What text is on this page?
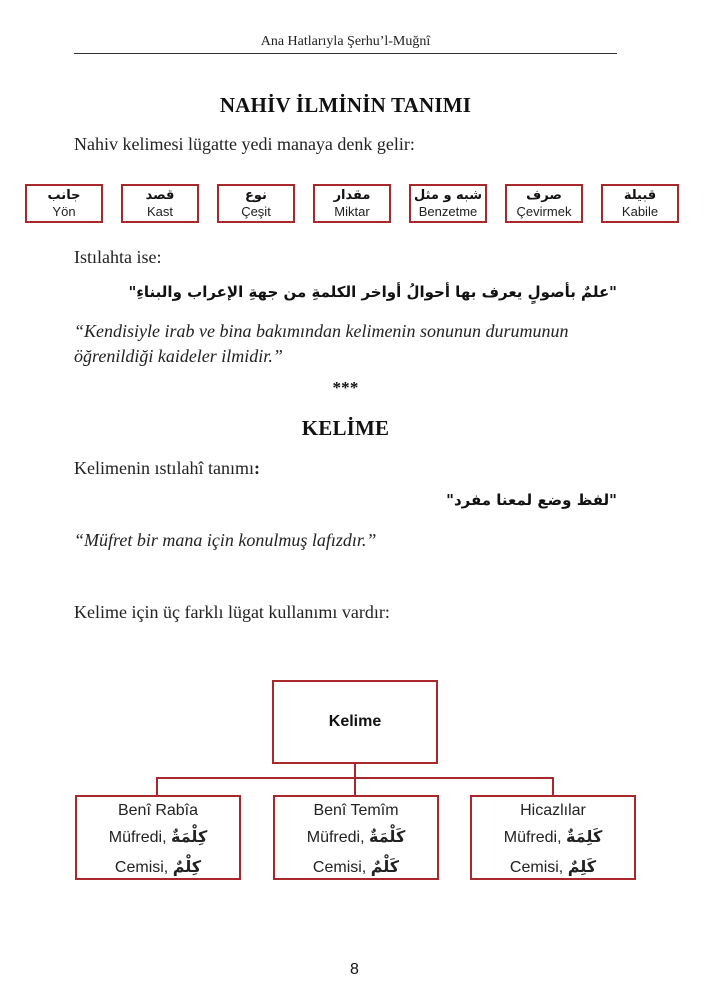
Ana Hatlarıyla Şerhu’l-Muğnî
NAHİV İLMİNİN TANIMI
Nahiv kelimesi lügatte yedi manaya denk gelir:
جانب
Yön
قصد
Kast
نوع
Çeşit
مقدار
Miktar
شبه و مثل
Benzetme
صرف
Çevirmek
قبيلة
Kabile
Istılahta ise:
"علمٌ بأصولٍ يعرف بها أحوالُ أواخر الكلمةِ من جهةِ الإعراب والبناءِ"
“Kendisiyle irab ve bina bakımından kelimenin sonunun durumunun öğrenildiği kaideler ilmidir.”
***
KELİME
Kelimenin ıstılahî tanımı:
"لفظ وضع لمعنا مفرد"
“Müfret bir mana için konulmuş lafızdır.”
Kelime için üç farklı lügat kullanımı vardır:
Kelime
Benî Rabîa
Müfredi, كِلْمَةٌ
Cemisi, كِلْمٌ
Benî Temîm
Müfredi, كَلْمَةٌ
Cemisi, كَلْمٌ
Hicazlılar
Müfredi, كَلِمَةٌ
Cemisi, كَلِمٌ
8
